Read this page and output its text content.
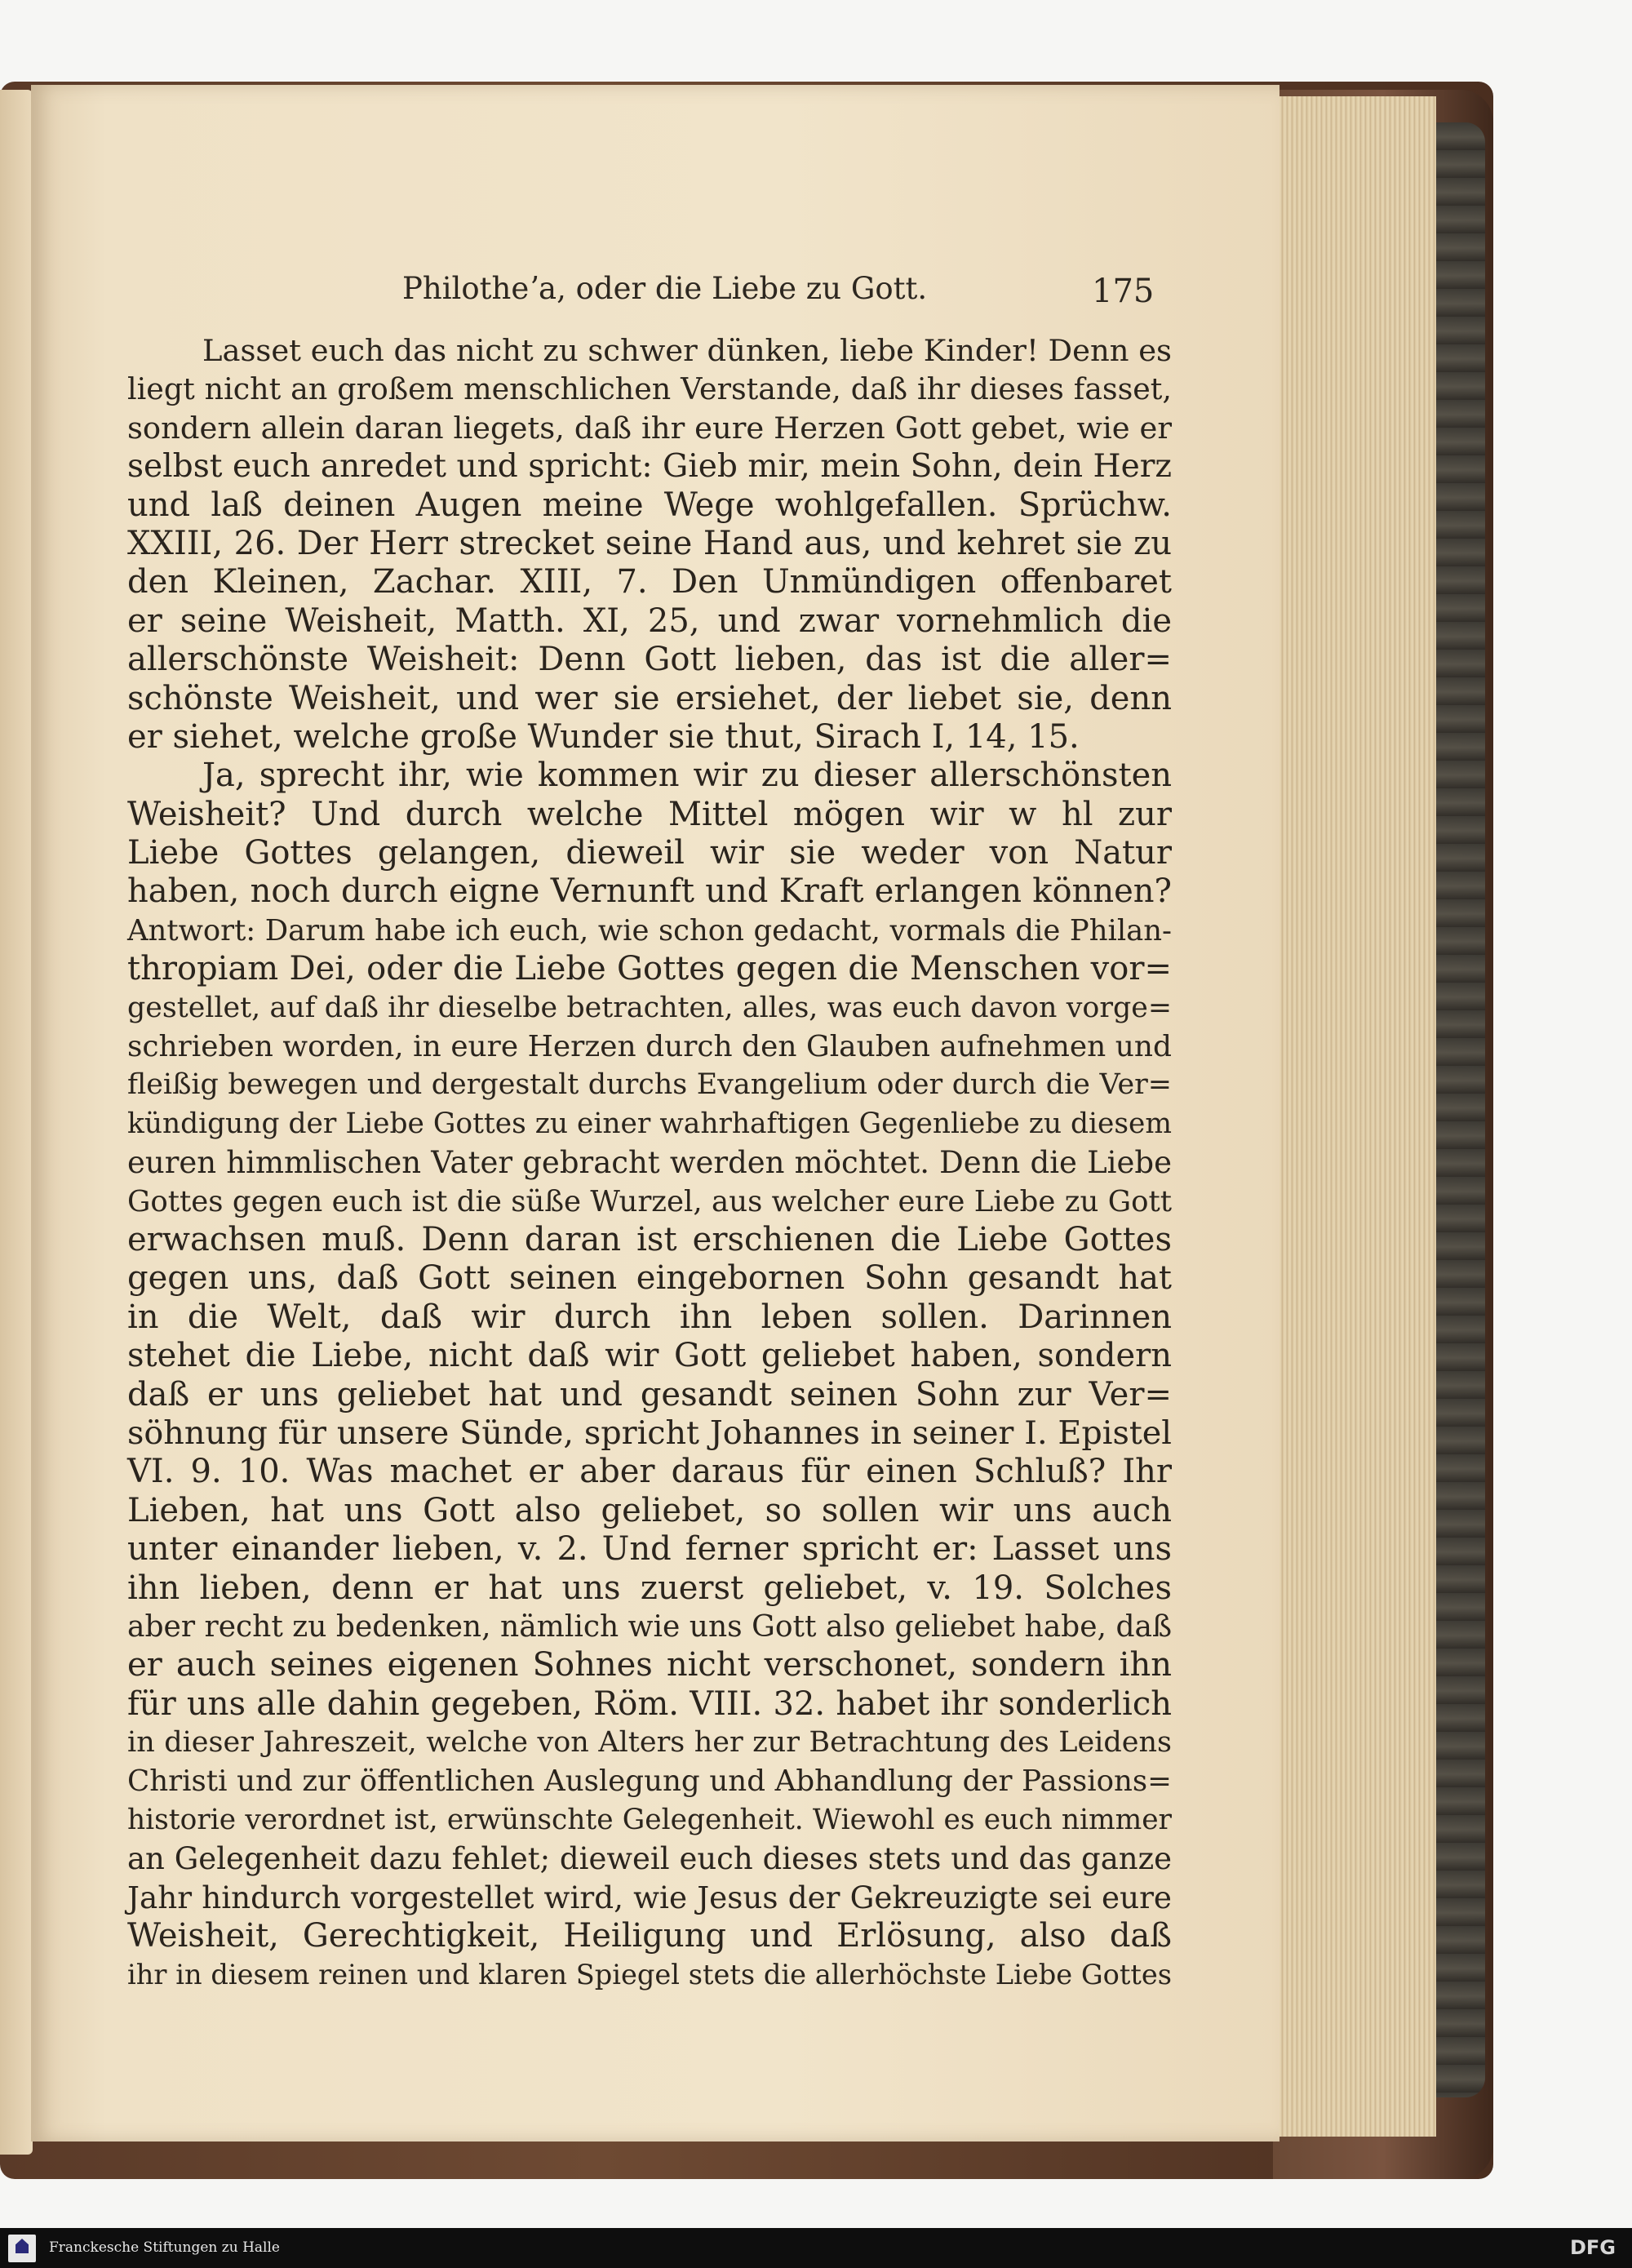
Philotheʼa, oder die Liebe zu Gott.	175
Lasset euch das nicht zu schwer dünken, liebe Kinder! Denn es
liegt nicht an großem menschlichen Verstande, daß ihr dieses fasset,
sondern allein daran liegets, daß ihr eure Herzen Gott gebet, wie er
selbst euch anredet und spricht: Gieb mir, mein Sohn, dein Herz
und laß deinen Augen meine Wege wohlgefallen. Sprüchw.
XXIII, 26. Der Herr strecket seine Hand aus, und kehret sie zu
den Kleinen, Zachar. XIII, 7. Den Unmündigen offenbaret
er seine Weisheit, Matth. XI, 25, und zwar vornehmlich die
allerschönste Weisheit: Denn Gott lieben, das ist die aller=
schönste Weisheit, und wer sie ersiehet, der liebet sie, denn
er siehet, welche große Wunder sie thut, Sirach I, 14, 15.
Ja, sprecht ihr, wie kommen wir zu dieser allerschönsten
Weisheit? Und durch welche Mittel mögen wir w hl zur
Liebe Gottes gelangen, dieweil wir sie weder von Natur
haben, noch durch eigne Vernunft und Kraft erlangen können?
Antwort: Darum habe ich euch, wie schon gedacht, vormals die Philan-
thropiam Dei, oder die Liebe Gottes gegen die Menschen vor=
gestellet, auf daß ihr dieselbe betrachten, alles, was euch davon vorge=
schrieben worden, in eure Herzen durch den Glauben aufnehmen und
fleißig bewegen und dergestalt durchs Evangelium oder durch die Ver=
kündigung der Liebe Gottes zu einer wahrhaftigen Gegenliebe zu diesem
euren himmlischen Vater gebracht werden möchtet. Denn die Liebe
Gottes gegen euch ist die süße Wurzel, aus welcher eure Liebe zu Gott
erwachsen muß. Denn daran ist erschienen die Liebe Gottes
gegen uns, daß Gott seinen eingebornen Sohn gesandt hat
in die Welt, daß wir durch ihn leben sollen. Darinnen
stehet die Liebe, nicht daß wir Gott geliebet haben, sondern
daß er uns geliebet hat und gesandt seinen Sohn zur Ver=
söhnung für unsere Sünde, spricht Johannes in seiner I. Epistel
VI. 9. 10. Was machet er aber daraus für einen Schluß? Ihr
Lieben, hat uns Gott also geliebet, so sollen wir uns auch
unter einander lieben, v. 2. Und ferner spricht er: Lasset uns
ihn lieben, denn er hat uns zuerst geliebet, v. 19. Solches
aber recht zu bedenken, nämlich wie uns Gott also geliebet habe, daß
er auch seines eigenen Sohnes nicht verschonet, sondern ihn
für uns alle dahin gegeben, Röm. VIII. 32. habet ihr sonderlich
in dieser Jahreszeit, welche von Alters her zur Betrachtung des Leidens
Christi und zur öffentlichen Auslegung und Abhandlung der Passions=
historie verordnet ist, erwünschte Gelegenheit. Wiewohl es euch nimmer
an Gelegenheit dazu fehlet; dieweil euch dieses stets und das ganze
Jahr hindurch vorgestellet wird, wie Jesus der Gekreuzigte sei eure
Weisheit, Gerechtigkeit, Heiligung und Erlösung, also daß
ihr in diesem reinen und klaren Spiegel stets die allerhöchste Liebe Gottes
Franckesche Stiftungen zu Halle	DFG
